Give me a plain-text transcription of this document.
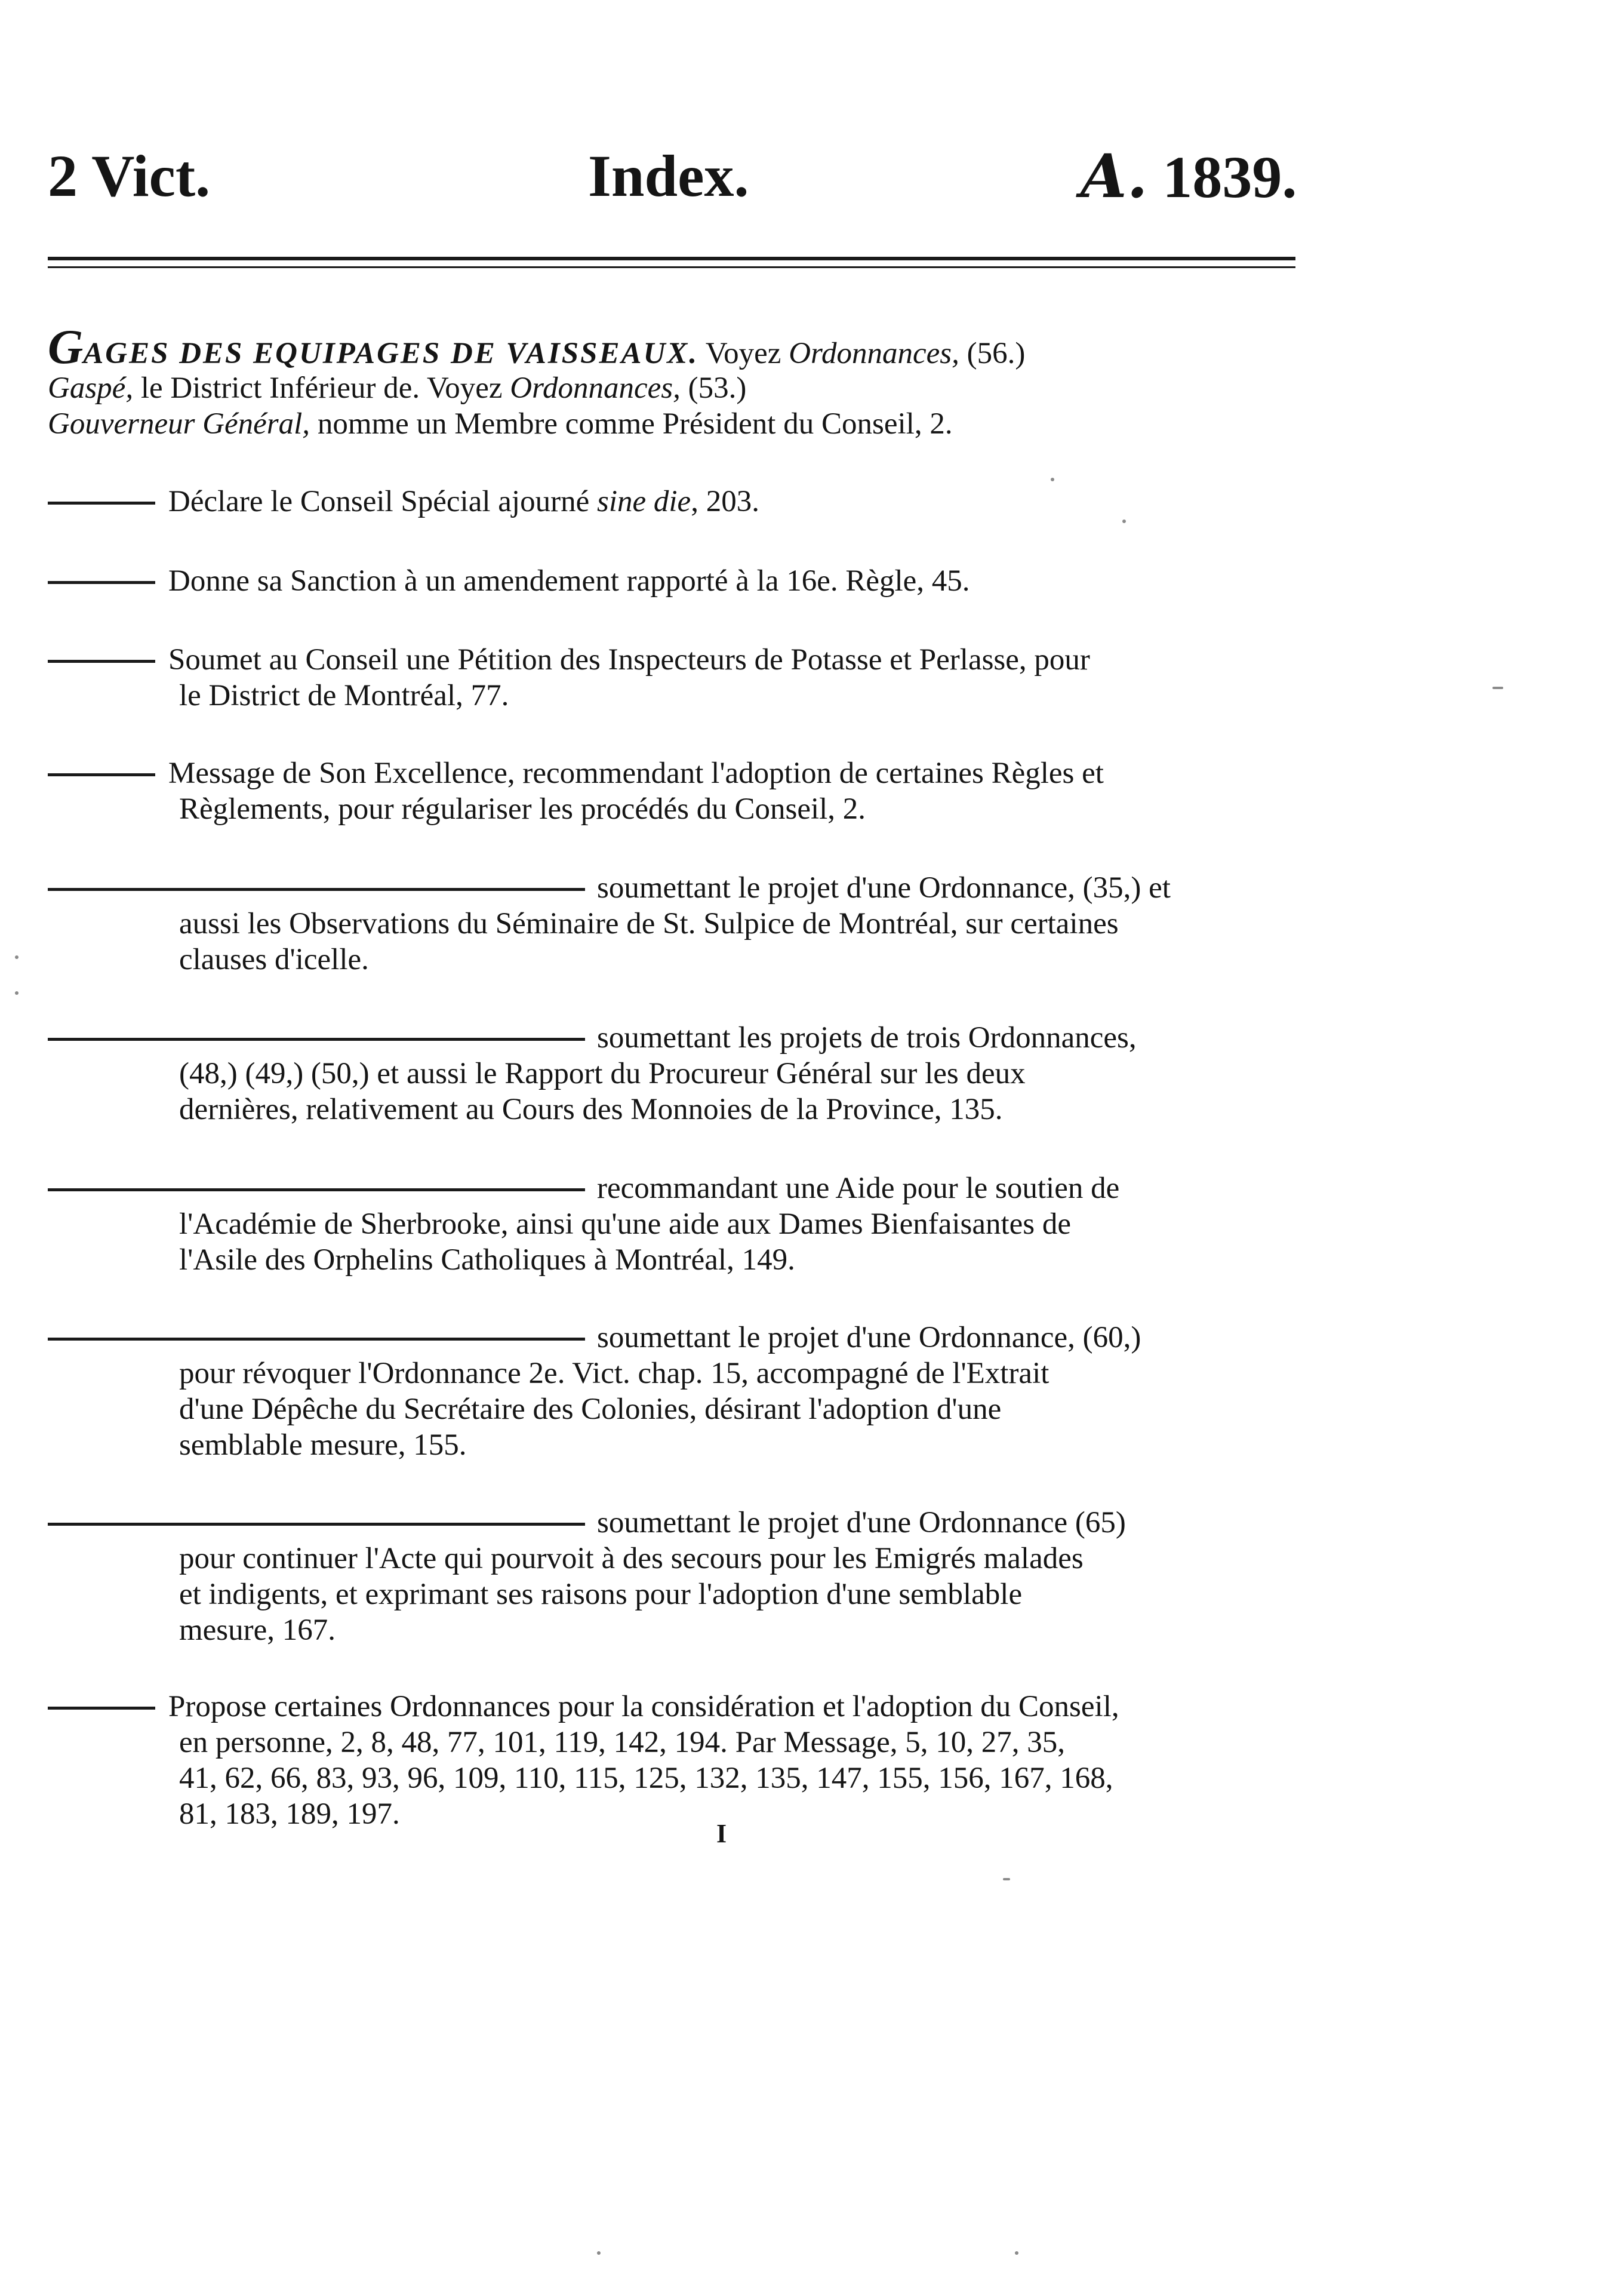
2 Vict.	Index.	A. 1839.
GAGES DES EQUIPAGES DE VAISSEAUX. Voyez Ordonnances, (56.)
Gaspé, le District Inférieur de. Voyez Ordonnances, (53.)
Gouverneur Général, nomme un Membre comme Président du Conseil, 2.
Déclare le Conseil Spécial ajourné sine die, 203.
Donne sa Sanction à un amendement rapporté à la 16e. Règle, 45.
Soumet au Conseil une Pétition des Inspecteurs de Potasse et Perlasse, pour
le District de Montréal, 77.
Message de Son Excellence, recommendant l'adoption de certaines Règles et
Règlements, pour régulariser les procédés du Conseil, 2.
soumettant le projet d'une Ordonnance, (35,) et
aussi les Observations du Séminaire de St. Sulpice de Montréal, sur certaines
clauses d'icelle.
soumettant les projets de trois Ordonnances,
(48,) (49,) (50,) et aussi le Rapport du Procureur Général sur les deux
dernières, relativement au Cours des Monnoies de la Province, 135.
recommandant une Aide pour le soutien de
l'Académie de Sherbrooke, ainsi qu'une aide aux Dames Bienfaisantes de
l'Asile des Orphelins Catholiques à Montréal, 149.
soumettant le projet d'une Ordonnance, (60,)
pour révoquer l'Ordonnance 2e. Vict. chap. 15, accompagné de l'Extrait
d'une Dépêche du Secrétaire des Colonies, désirant l'adoption d'une
semblable mesure, 155.
soumettant le projet d'une Ordonnance (65)
pour continuer l'Acte qui pourvoit à des secours pour les Emigrés malades
et indigents, et exprimant ses raisons pour l'adoption d'une semblable
mesure, 167.
Propose certaines Ordonnances pour la considération et l'adoption du Conseil,
en personne, 2, 8, 48, 77, 101, 119, 142, 194. Par Message, 5, 10, 27, 35,
41, 62, 66, 83, 93, 96, 109, 110, 115, 125, 132, 135, 147, 155, 156, 167, 168,
81, 183, 189, 197.
I
